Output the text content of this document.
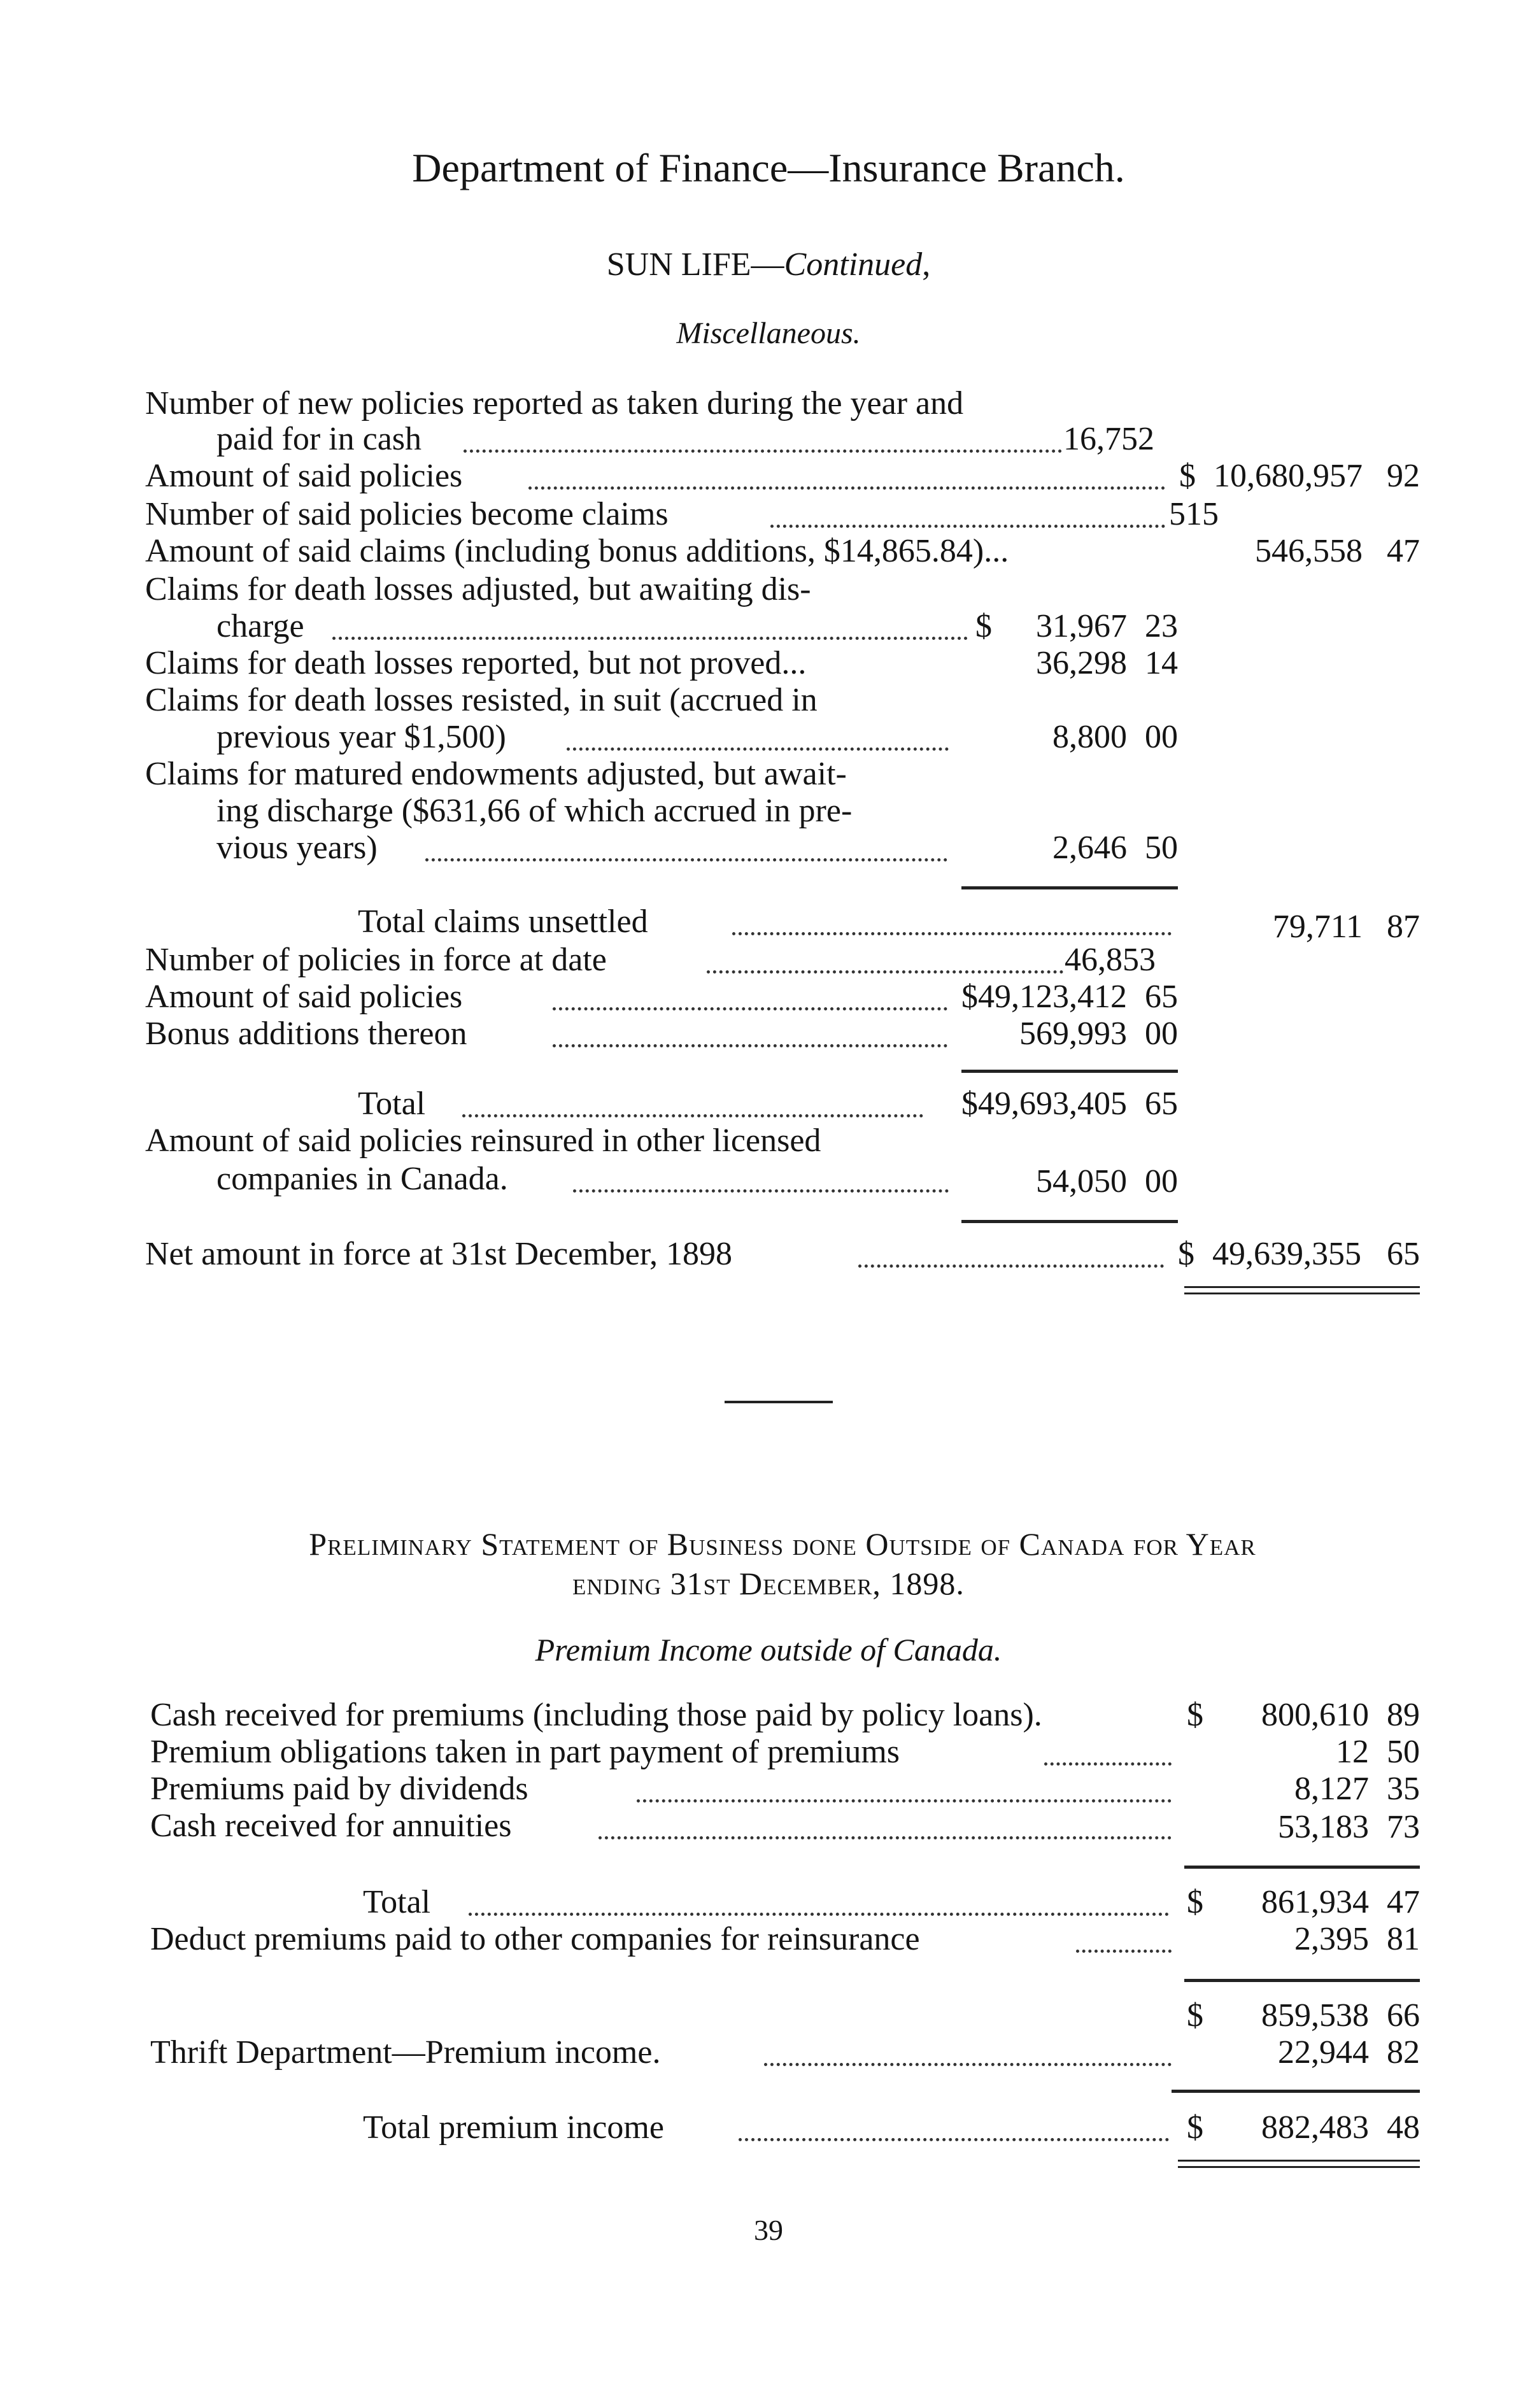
Department of Finance—Insurance Branch.
SUN LIFE—Continued,
Miscellaneous.
Number of new policies reported as taken during the year and
paid for in cash	16,752
Amount of said policies	$ 10,680,957 92
Number of said policies become claims	515
Amount of said claims (including bonus additions, $14,865.84)...	546,558 47
Claims for death losses adjusted, but awaiting dis-
charge	$	31,967 23
Claims for death losses reported, but not proved...	36,298 14
Claims for death losses resisted, in suit (accrued in
previous year $1,500)	8,800 00
Claims for matured endowments adjusted, but await-
ing discharge ($631,66 of which accrued in pre-
vious years)	2,646 50
Total claims unsettled	79,711 87
Number of policies in force at date	46,853
Amount of said policies	$49,123,412 65
Bonus additions thereon	569,993 00
Total	$49,693,405 65
Amount of said policies reinsured in other licensed
companies in Canada.	54,050 00
Net amount in force at 31st December, 1898	$ 49,639,355 65
Preliminary Statement of Business done Outside of Canada for Year
ending 31st December, 1898.
Premium Income outside of Canada.
Cash received for premiums (including those paid by policy loans).	$	800,610 89
Premium obligations taken in part payment of premiums	12 50
Premiums paid by dividends	8,127 35
Cash received for annuities	53,183 73
Total	$	861,934 47
Deduct premiums paid to other companies for reinsurance	2,395 81
$	859,538 66
Thrift Department—Premium income.	22,944 82
Total premium income	$	882,483 48
39
